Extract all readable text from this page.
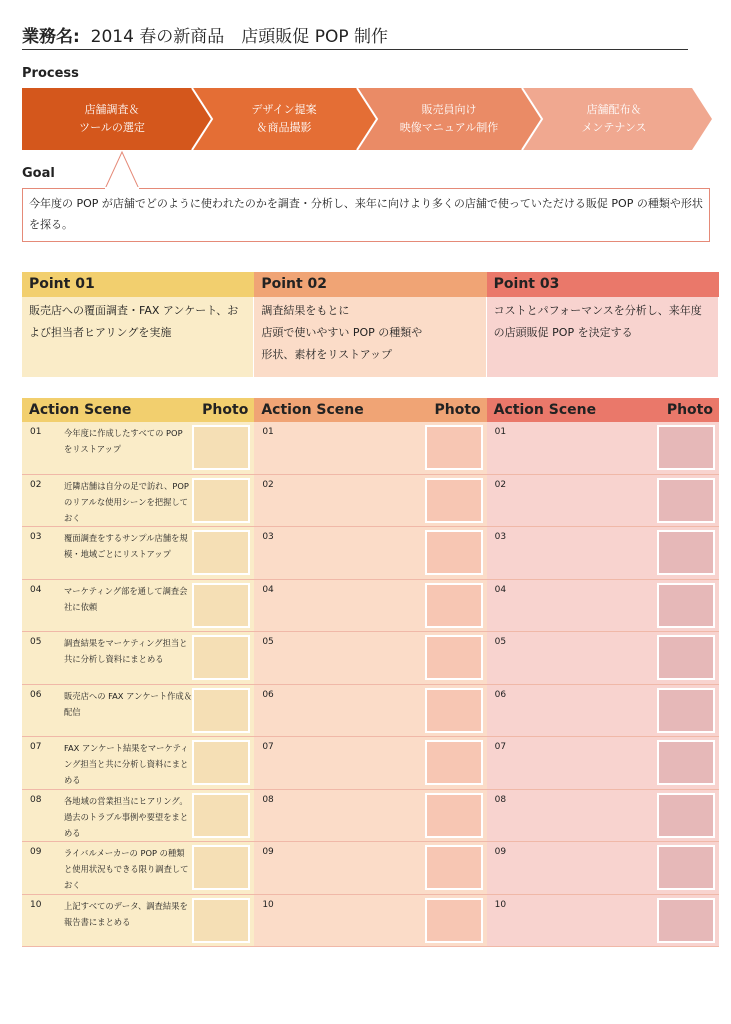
業務名: 2014 春の新商品　店頭販促 POP 制作
Process
店舗調査＆
ツールの選定
デザイン提案
＆商品撮影
販売員向け
映像マニュアル制作
店舗配布＆
メンテナンス
Goal
今年度の POP が店舗でどのように使われたのかを調査・分析し、来年に向けより多くの店舗で使っていただける販促 POP の種類や形状を探る。
Point 01
販売店への覆面調査・FAX アンケート、および担当者ヒアリングを実施
Point 02
調査結果をもとに
店頭で使いやすい POP の種類や
形状、素材をリストアップ
Point 03
コストとパフォーマンスを分析し、来年度の店頭販促 POP を決定する
Action Scene	Photo
01	今年度に作成したすべての POP をリストアップ
02	近隣店舗は自分の足で訪れ、POP のリアルな使用シーンを把握しておく
03	覆面調査をするサンプル店舗を規模・地域ごとにリストアップ
04	マーケティング部を通して調査会社に依頼
05	調査結果をマーケティング担当と共に分析し資料にまとめる
06	販売店への FAX アンケート作成＆配信
07	FAX アンケート結果をマーケティング担当と共に分析し資料にまとめる
08	各地域の営業担当にヒアリング。過去のトラブル事例や要望をまとめる
09	ライバルメーカーの POP の種類と使用状況もできる限り調査しておく
10	上記すべてのデータ、調査結果を報告書にまとめる
Action Scene	Photo
01
02
03
04
05
06
07
08
09
10
Action Scene	Photo
01
02
03
04
05
06
07
08
09
10
